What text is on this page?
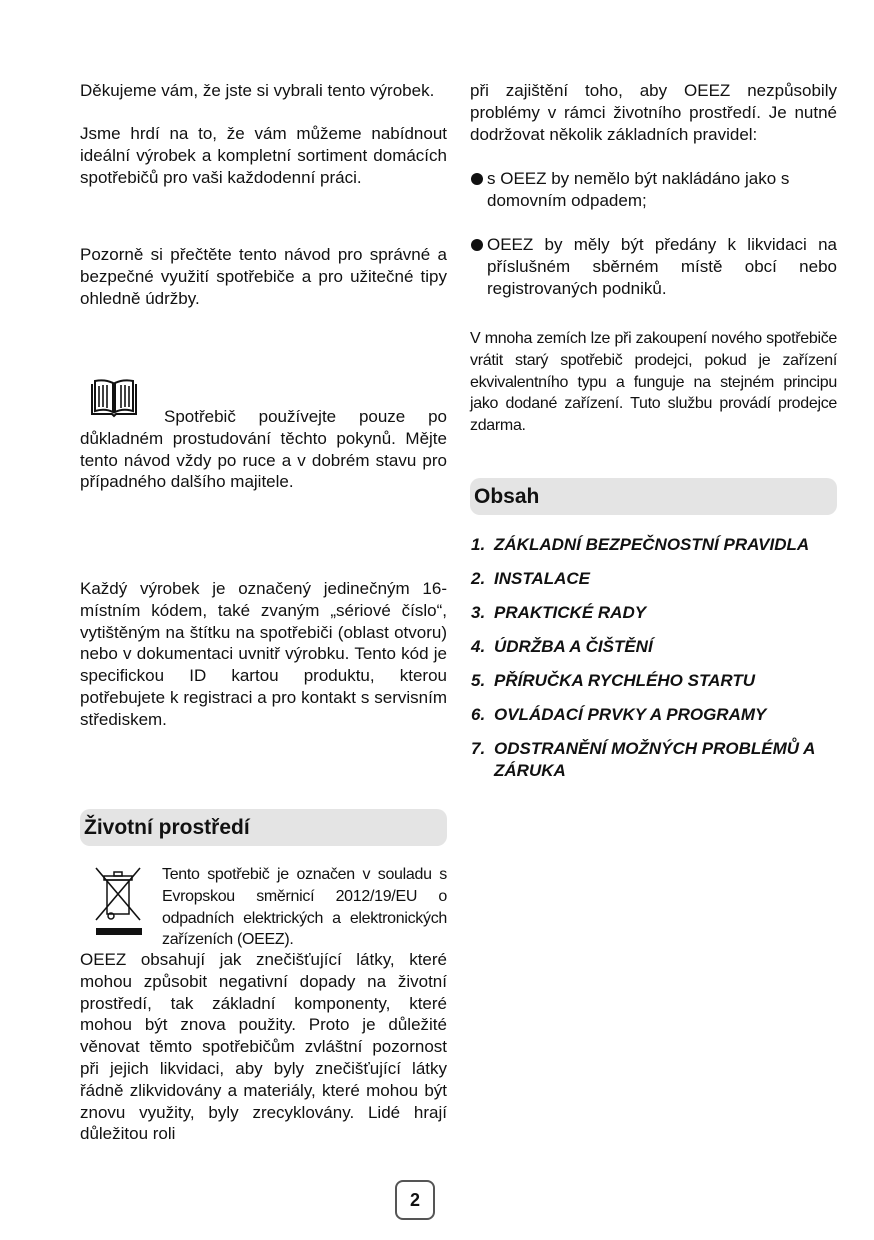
Děkujeme vám, že jste si vybrali tento výrobek.

Jsme hrdí na to, že vám můžeme nabídnout ideální výrobek a kompletní sortiment domácích spotřebičů pro vaši každodenní práci.

Pozorně si přečtěte tento návod pro správné a bezpečné využití spotřebiče a pro užitečné tipy ohledně údržby.

Spotřebič používejte pouze po důkladném prostudování těchto pokynů. Mějte tento návod vždy po ruce a v dobrém stavu pro případného dalšího majitele.

Každý výrobek je označený jedinečným 16-místním kódem, také zvaným „sériové číslo“, vytištěným na štítku na spotřebiči (oblast otvoru) nebo v dokumentaci uvnitř výrobku. Tento kód je specifickou ID kartou produktu, kterou potřebujete k registraci a pro kontakt s servisním střediskem.

Životní prostředí

Tento spotřebič je označen v souladu s Evropskou směrnicí 2012/19/EU o odpadních elektrických a elektronických zařízeních (OEEZ).

OEEZ obsahují jak znečišťující látky, které mohou způsobit negativní dopady na životní prostředí, tak základní komponenty, které mohou být znova použity. Proto je důležité věnovat těmto spotřebičům zvláštní pozornost při jejich likvidaci, aby byly znečišťující látky řádně zlikvidovány a materiály, které mohou být znovu využity, byly zrecyklovány. Lidé hrají důležitou roli

při zajištění toho, aby OEEZ nezpůsobily problémy v rámci životního prostředí. Je nutné dodržovat několik základních pravidel:

s OEEZ by nemělo být nakládáno jako s domovním odpadem;

OEEZ by měly být předány k likvidaci na příslušném sběrném místě obcí nebo registrovaných podniků.

V mnoha zemích lze při zakoupení nového spotřebiče vrátit starý spotřebič prodejci, pokud je zařízení ekvivalentního typu a funguje na stejném principu jako dodané zařízení. Tuto službu provádí prodejce zdarma.

Obsah
1. ZÁKLADNÍ BEZPEČNOSTNÍ PRAVIDLA
2. INSTALACE
3. PRAKTICKÉ RADY
4. ÚDRŽBA A ČIŠTĚNÍ
5. PŘÍRUČKA RYCHLÉHO STARTU
6. OVLÁDACÍ PRVKY A PROGRAMY
7. ODSTRANĚNÍ MOŽNÝCH PROBLÉMŮ A ZÁRUKA
2
